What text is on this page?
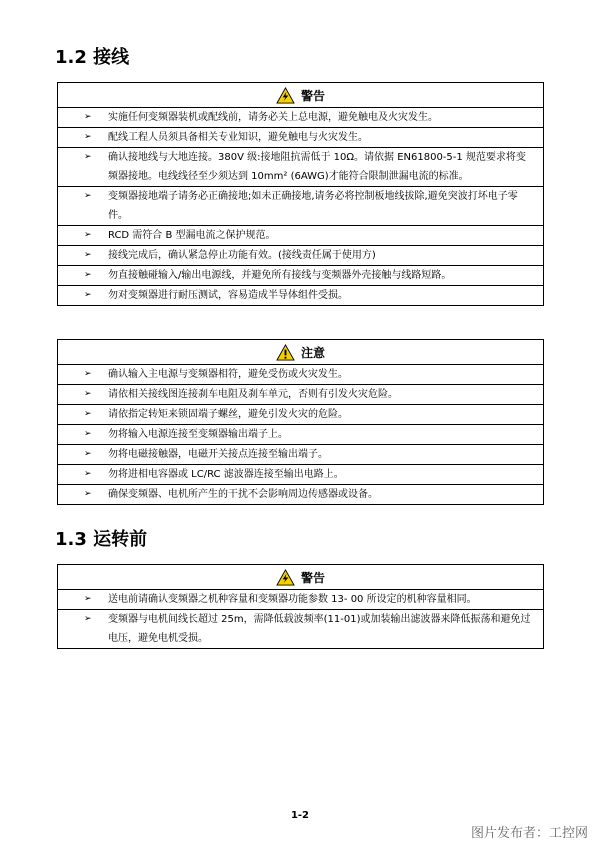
1.2 接线
警告
➢	实施任何变频器装机或配线前，请务必关上总电源，避免触电及火灾发生。
➢	配线工程人员须具备相关专业知识，避免触电与火灾发生。
➢	确认接地线与大地连接。380V 级:接地阻抗需低于 10Ω。请依据 EN61800-5-1 规范要求将变频器接地。电线线径至少须达到 10mm² (6AWG)才能符合限制泄漏电流的标准。
➢	变频器接地端子请务必正确接地;如未正确接地,请务必将控制板地线拔除,避免突波打坏电子零件。
➢	RCD 需符合 B 型漏电流之保护规范。
➢	接线完成后，确认紧急停止功能有效。(接线责任属于使用方)
➢	勿直接触碰输入/输出电源线，并避免所有接线与变频器外壳接触与线路短路。
➢	勿对变频器进行耐压测试，容易造成半导体组件受损。
注意
➢	确认输入主电源与变频器相符，避免受伤或火灾发生。
➢	请依相关接线图连接刹车电阻及刹车单元，否则有引发火灾危险。
➢	请依指定转矩来锁固端子螺丝，避免引发火灾的危险。
➢	勿将输入电源连接至变频器输出端子上。
➢	勿将电磁接触器，电磁开关接点连接至输出端子。
➢	勿将进相电容器或 LC/RC 滤波器连接至输出电路上。
➢	确保变频器、电机所产生的干扰不会影响周边传感器或设备。
1.3 运转前
警告
➢	送电前请确认变频器之机种容量和变频器功能参数 13- 00 所设定的机种容量相同。
➢	变频器与电机间线长超过 25m，需降低载波频率(11-01)或加装输出滤波器来降低振荡和避免过电压，避免电机受损。
1-2
图片发布者：工控网
